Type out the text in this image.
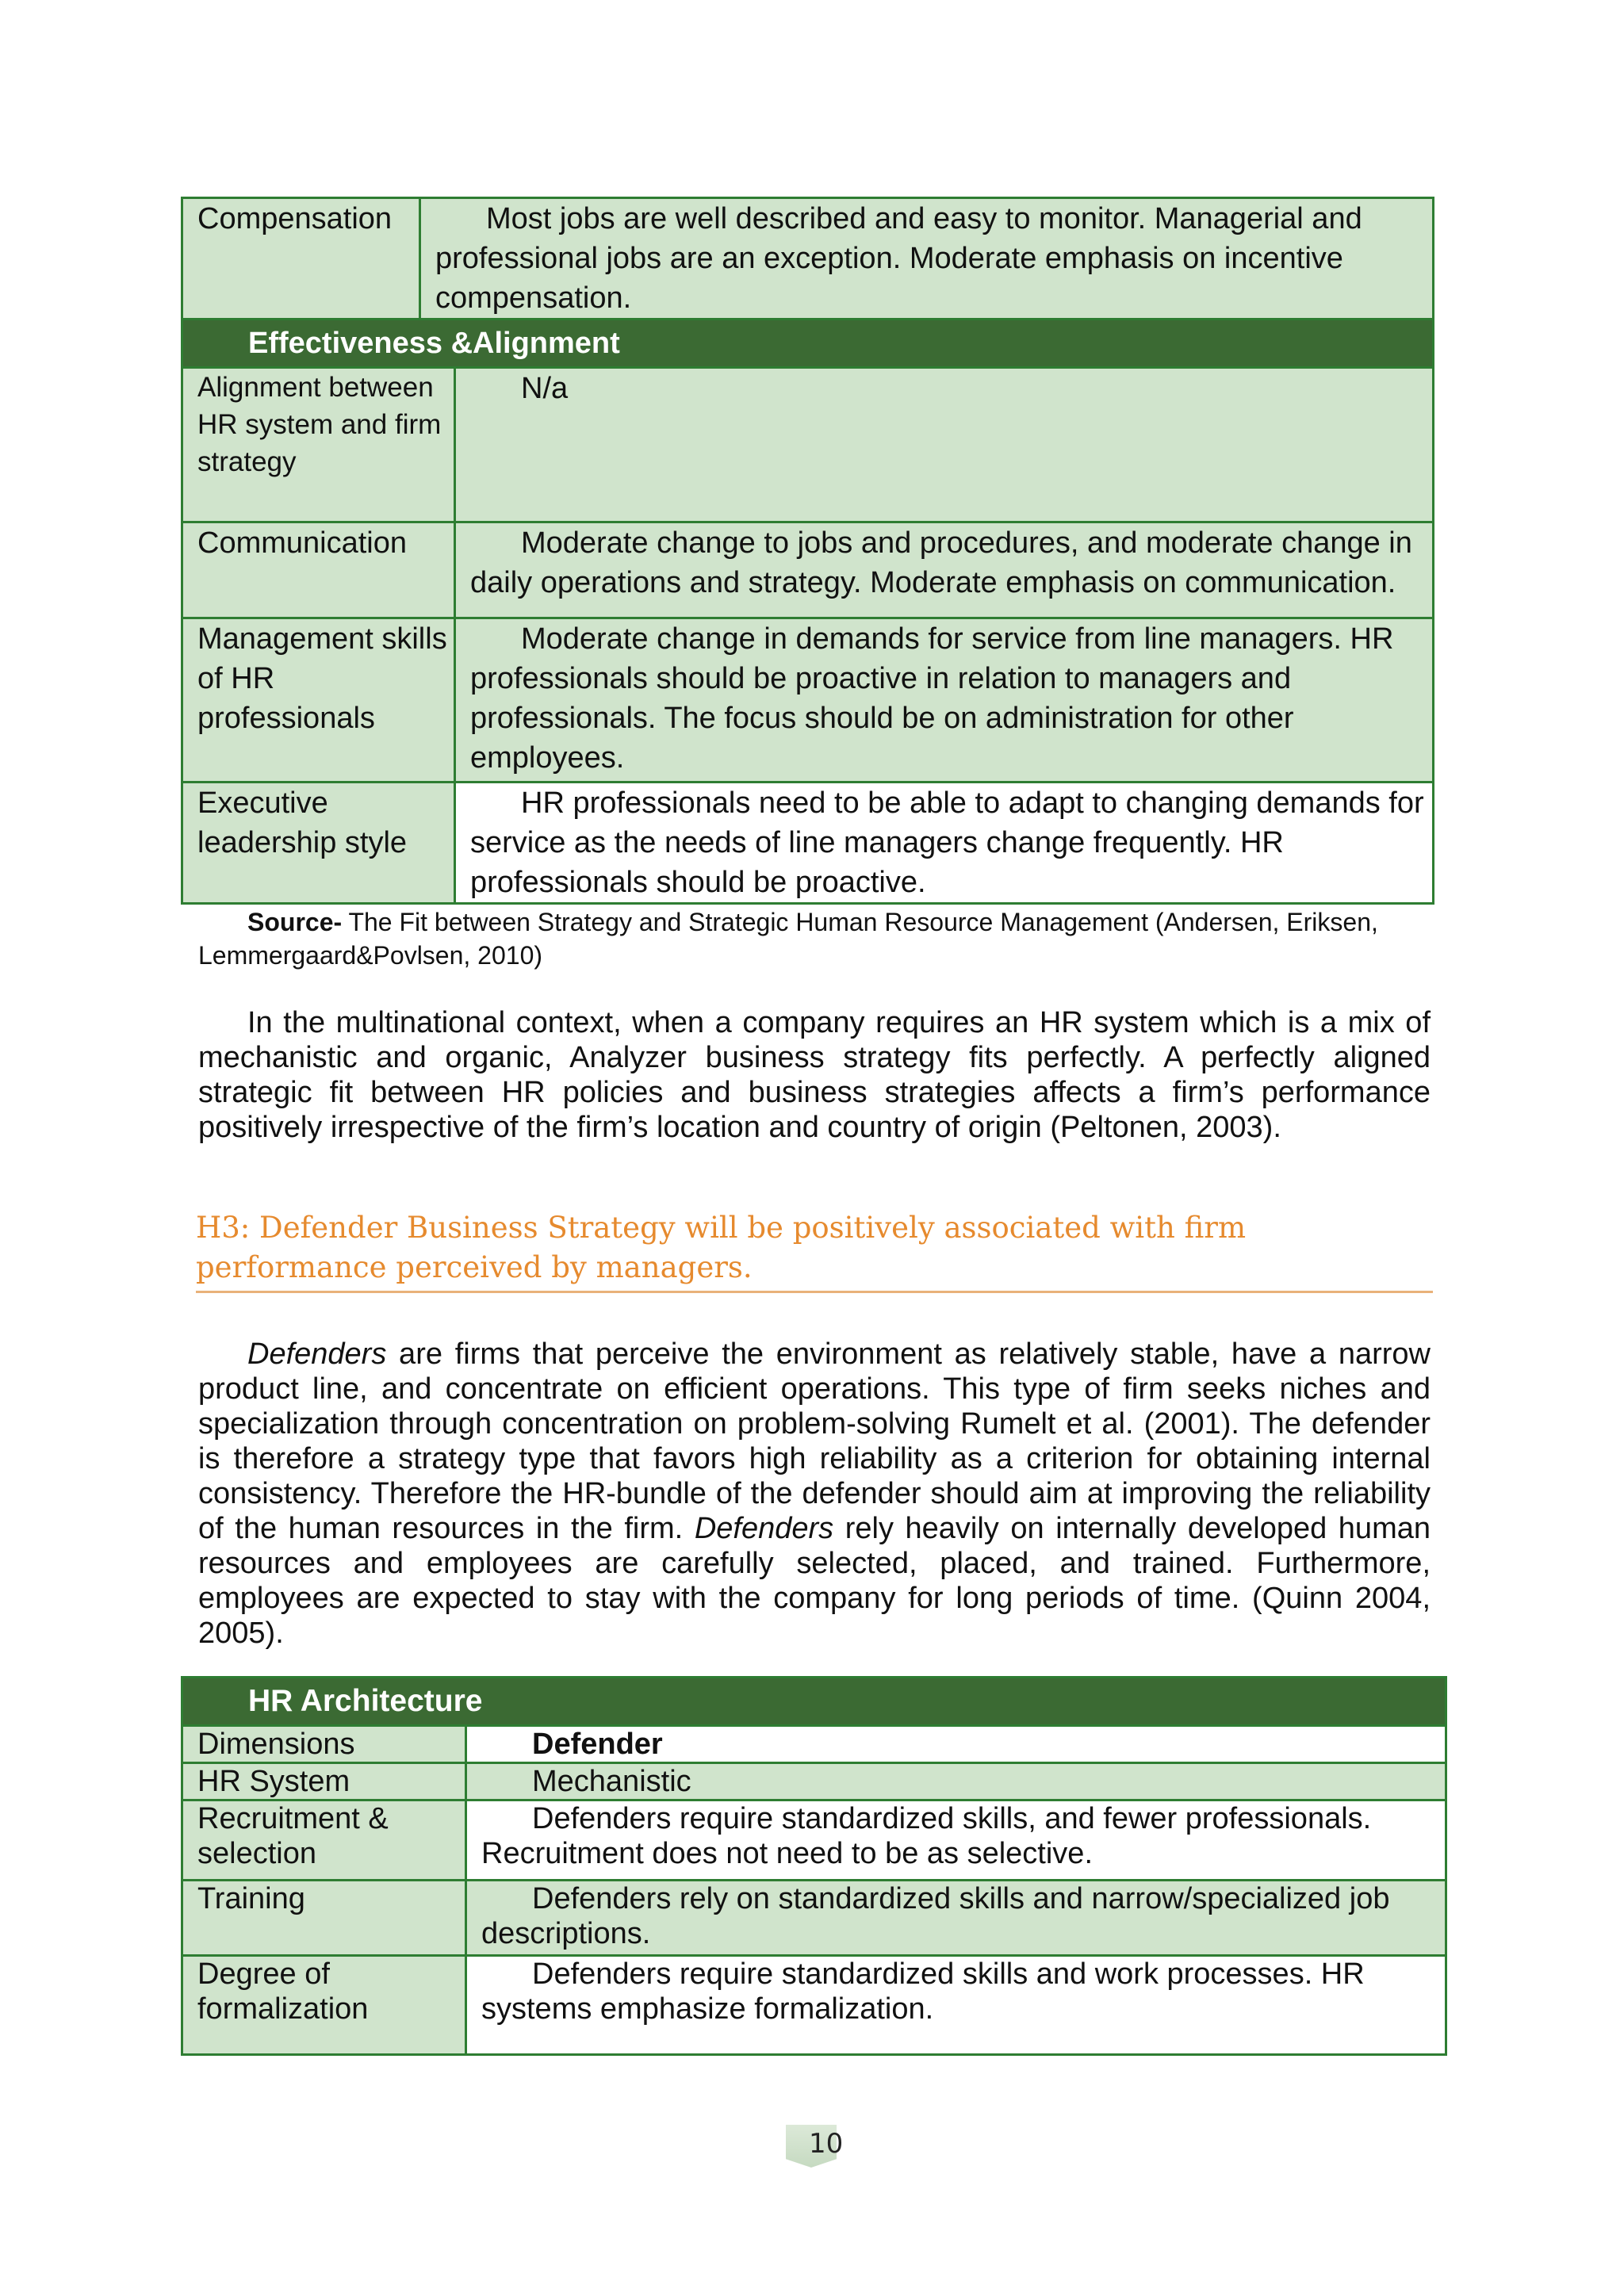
Compensation	Most jobs are well described and easy to monitor. Managerial and professional jobs are an exception. Moderate emphasis on incentive compensation.
Effectiveness &Alignment
Alignment between HR system and firm strategy	N/a
Communication	Moderate change to jobs and procedures, and moderate change in daily operations and strategy. Moderate emphasis on communication.
Management skills of HR professionals	Moderate change in demands for service from line managers. HR professionals should be proactive in relation to managers and professionals. The focus should be on administration for other employees.
Executive leadership style	HR professionals need to be able to adapt to changing demands for service as the needs of line managers change frequently. HR professionals should be proactive.
Source- The Fit between Strategy and Strategic Human Resource Management (Andersen, Eriksen, Lemmergaard&Povlsen, 2010)
In the multinational context, when a company requires an HR system which is a mix of mechanistic and organic, Analyzer business strategy fits perfectly. A perfectly aligned strategic fit between HR policies and business strategies affects a firm’s performance positively irrespective of the firm’s location and country of origin (Peltonen, 2003).
H3: Defender Business Strategy will be positively associated with firm performance perceived by managers.
Defenders are firms that perceive the environment as relatively stable, have a narrow product line, and concentrate on efficient operations. This type of firm seeks niches and specialization through concentration on problem-solving Rumelt et al. (2001). The defender is therefore a strategy type that favors high reliability as a criterion for obtaining internal consistency. Therefore the HR-bundle of the defender should aim at improving the reliability of the human resources in the firm. Defenders rely heavily on internally developed human resources and employees are carefully selected, placed, and trained. Furthermore, employees are expected to stay with the company for long periods of time. (Quinn 2004, 2005).
HR Architecture	
Dimensions	Defender
HR System	Mechanistic
Recruitment & selection	Defenders require standardized skills, and fewer professionals. Recruitment does not need to be as selective.
Training	Defenders rely on standardized skills and narrow/specialized job descriptions.
Degree of formalization	Defenders require standardized skills and work processes. HR systems emphasize formalization.
10
